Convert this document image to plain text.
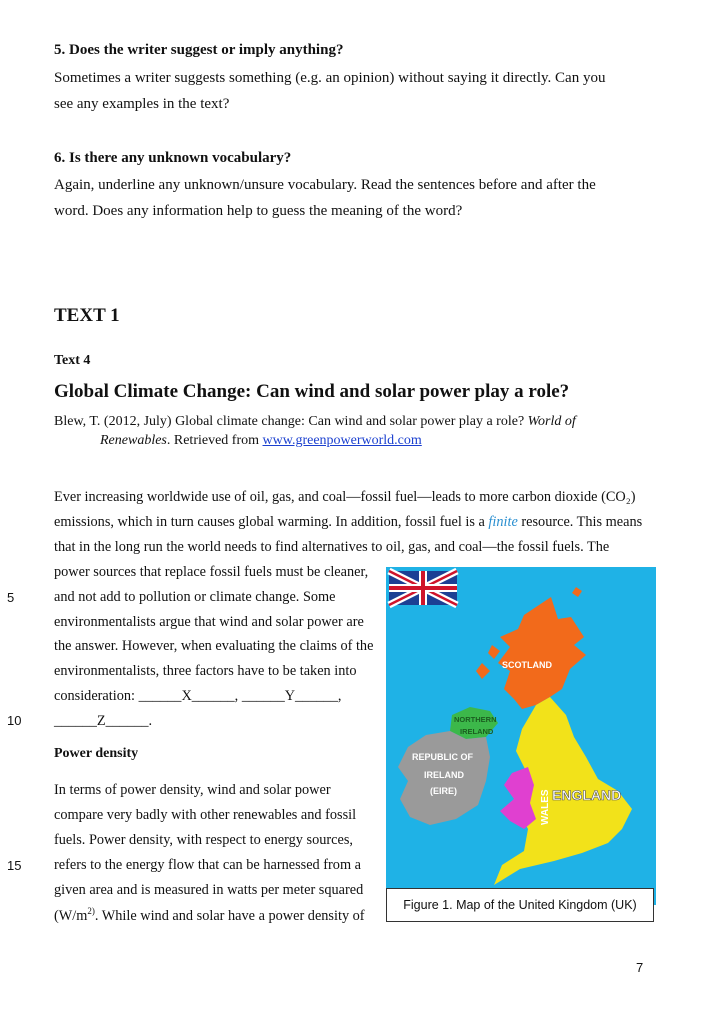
5. Does the writer suggest or imply anything?
Sometimes a writer suggests something (e.g. an opinion) without saying it directly. Can you
see any examples in the text?
6. Is there any unknown vocabulary?
Again, underline any unknown/unsure vocabulary. Read the sentences before and after the
word. Does any information help to guess the meaning of the word?
TEXT 1
Text 4
Global Climate Change: Can wind and solar power play a role?
Blew, T. (2012, July) Global climate change: Can wind and solar power play a role? World of
Renewables. Retrieved from www.greenpowerworld.com
Ever increasing worldwide use of oil, gas, and coal—fossil fuel—leads to more carbon dioxide (CO₂)
emissions, which in turn causes global warming. In addition, fossil fuel is a finite resource. This means
that in the long run the world needs to find alternatives to oil, gas, and coal—the fossil fuels. The
power sources that replace fossil fuels must be cleaner,
and not add to pollution or climate change. Some
environmentalists argue that wind and solar power are
the answer. However, when evaluating the claims of the
environmentalists, three factors have to be taken into
consideration: ______X______, ______Y______,
______Z______.
Power density
In terms of power density, wind and solar power
compare very badly with other renewables and fossil
fuels. Power density, with respect to energy sources,
refers to the energy flow that can be harnessed from a
given area and is measured in watts per meter squared
($W/m^{2)}$. While wind and solar have a power density of
5
10
15
SCOTLAND
NORTHERN
IRELAND
REPUBLIC OF
IRELAND
(EIRE)	WALES ENGLAND
Figure 1. Map of the United Kingdom (UK)
7
